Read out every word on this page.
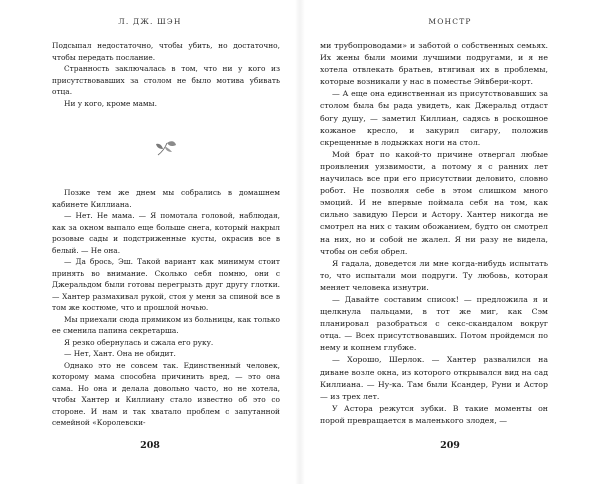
Л. ДЖ. ШЭН

Подсыпал недостаточно, чтобы убить, но достаточно, чтобы передать послание.

Странность заключалась в том, что ни у кого из присутствовавших за столом не было мотива убивать отца.

Ни у кого, кроме мамы.

Позже тем же днем мы собрались в домашнем кабинете Киллиана.

— Нет. Не мама. — Я помотала головой, наблюдая, как за окном выпало еще больше снега, который накрыл розовые сады и подстриженные кусты, окрасив все в белый. — Не она.

— Да брось, Эш. Такой вариант как минимум стоит принять во внимание. Сколько себя помню, они с Джеральдом были готовы перегрызть друг другу глотки. — Хантер размахивал рукой, стоя у меня за спиной все в том же костюме, что и прошлой ночью.

Мы приехали сюда прямиком из больницы, как только ее сменила папина секретарша.

Я резко обернулась и сжала его руку.

— Нет, Хант. Она не обидит.

Однако это не совсем так. Единственный человек, которому мама способна причинить вред, — это она сама. Но она и делала довольно часто, но не хотела, чтобы Хантер и Киллиану стало известно об это со стороне. И нам и так хватало проблем с запутанной семейной «Королевски-

208
МОНСТР

ми трубопроводами» и заботой о собственных семьях. Их жены были моими лучшими подругами, и я не хотела отвлекать братьев, втягивая их в проблемы, которые возникали у нас в поместье Эйвбери-корт.

— А еще она единственная из присутствовавших за столом была бы рада увидеть, как Джеральд отдаст богу душу, — заметил Киллиан, садясь в роскошное кожаное кресло, и закурил сигару, положив скрещенные в лодыжках ноги на стол.

Мой брат по какой-то причине отвергал любые проявления уязвимости, а потому я с ранних лет научилась все при его присутствии деловито, словно робот. Не позволяя себе в этом слишком много эмоций. И не впервые поймала себя на том, как сильно завидую Перси и Астору. Хантер никогда не смотрел на них с таким обожанием, будто он смотрел на них, но и собой не жалел. Я ни разу не видела, чтобы он себя обрел.

Я гадала, доведется ли мне когда-нибудь испытать то, что испытали мои подруги. Ту любовь, которая меняет человека изнутри.

— Давайте составим список! — предложила я и щелкнула пальцами, в тот же миг, как Сэм планировал разобраться с секс-скандалом вокруг отца. — Всех присутствовавших. Потом пройдемся по нему и копнем глубже.

— Хорошо, Шерлок. — Хантер развалился на диване возле окна, из которого открывался вид на сад Киллиана. — Ну-ка. Там были Ксандер, Руни и Астор — из трех лет.

У Астора режутся зубки. В такие моменты он порой превращается в маленького злодея, —

209
